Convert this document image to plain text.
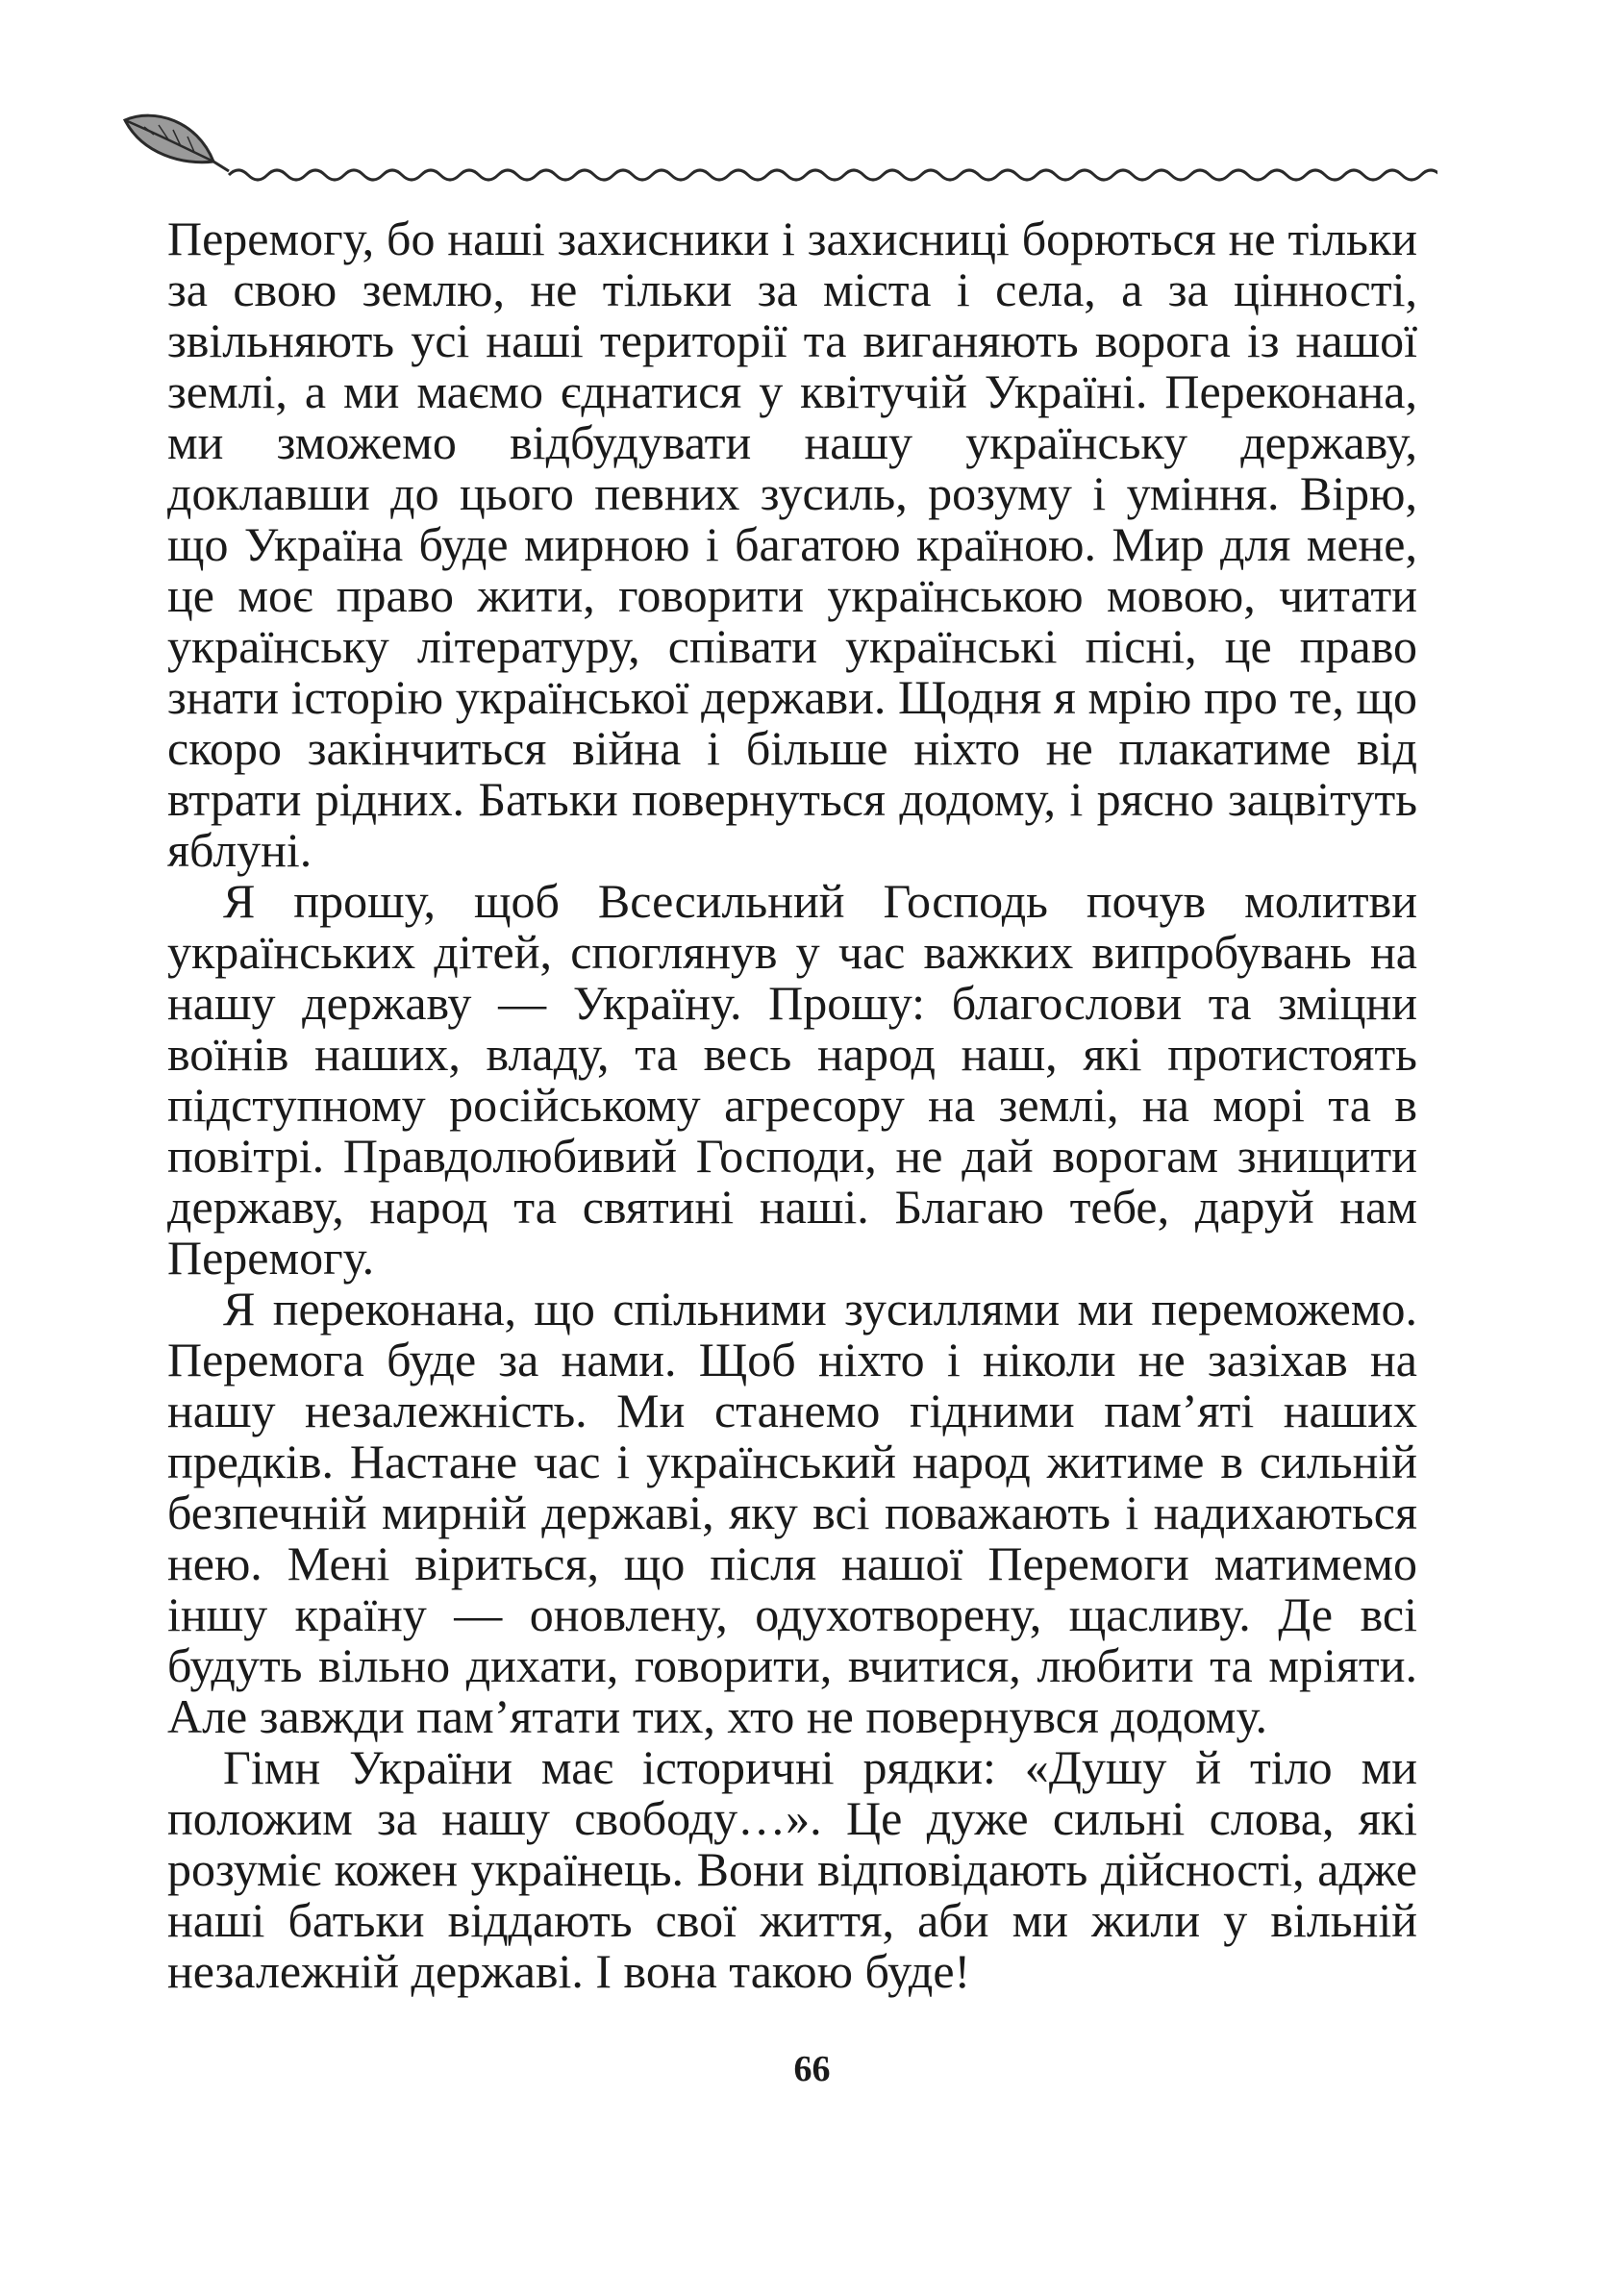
Перемогу, бо наші захисники і захисниці борються не тільки за свою землю, не тільки за міста і села, а за цінності, звільняють усі наші території та виганяють ворога із нашої землі, а ми маємо єднатися у квітучій Україні. Переконана, ми зможемо відбудувати нашу українську державу, доклавши до цього певних зусиль, розуму і уміння. Вірю, що Україна буде мирною і багатою країною. Мир для мене, це моє право жити, говорити українською мовою, читати українську літературу, співати українські пісні, це право знати історію української держави. Щодня я мрію про те, що скоро закінчиться війна і більше ніхто не плакатиме від втрати рідних. Батьки повернуться додому, і рясно зацвітуть яблуні.

Я прошу, щоб Всесильний Господь почув молитви українських дітей, споглянув у час важких випробувань на нашу державу — Україну. Прошу: благослови та зміцни воїнів наших, владу, та весь народ наш, які протистоять підступному російському агресору на землі, на морі та в повітрі. Правдолюбивий Господи, не дай ворогам знищити державу, народ та святині наші. Благаю тебе, даруй нам Перемогу.

Я переконана, що спільними зусиллями ми переможемо. Перемога буде за нами. Щоб ніхто і ніколи не зазіхав на нашу незалежність. Ми станемо гідними пам’яті наших предків. Настане час і український народ житиме в сильній безпечній мирній державі, яку всі поважають і надихаються нею. Мені віриться, що після нашої Перемоги матимемо іншу країну — оновлену, одухотворену, щасливу. Де всі будуть вільно дихати, говорити, вчитися, любити та мріяти. Але завжди пам’ятати тих, хто не повернувся додому.

Гімн України має історичні рядки: «Душу й тіло ми положим за нашу свободу…». Це дуже сильні слова, які розуміє кожен українець. Вони відповідають дійсності, адже наші батьки віддають свої життя, аби ми жили у вільній незалежній державі. І вона такою буде!

66
